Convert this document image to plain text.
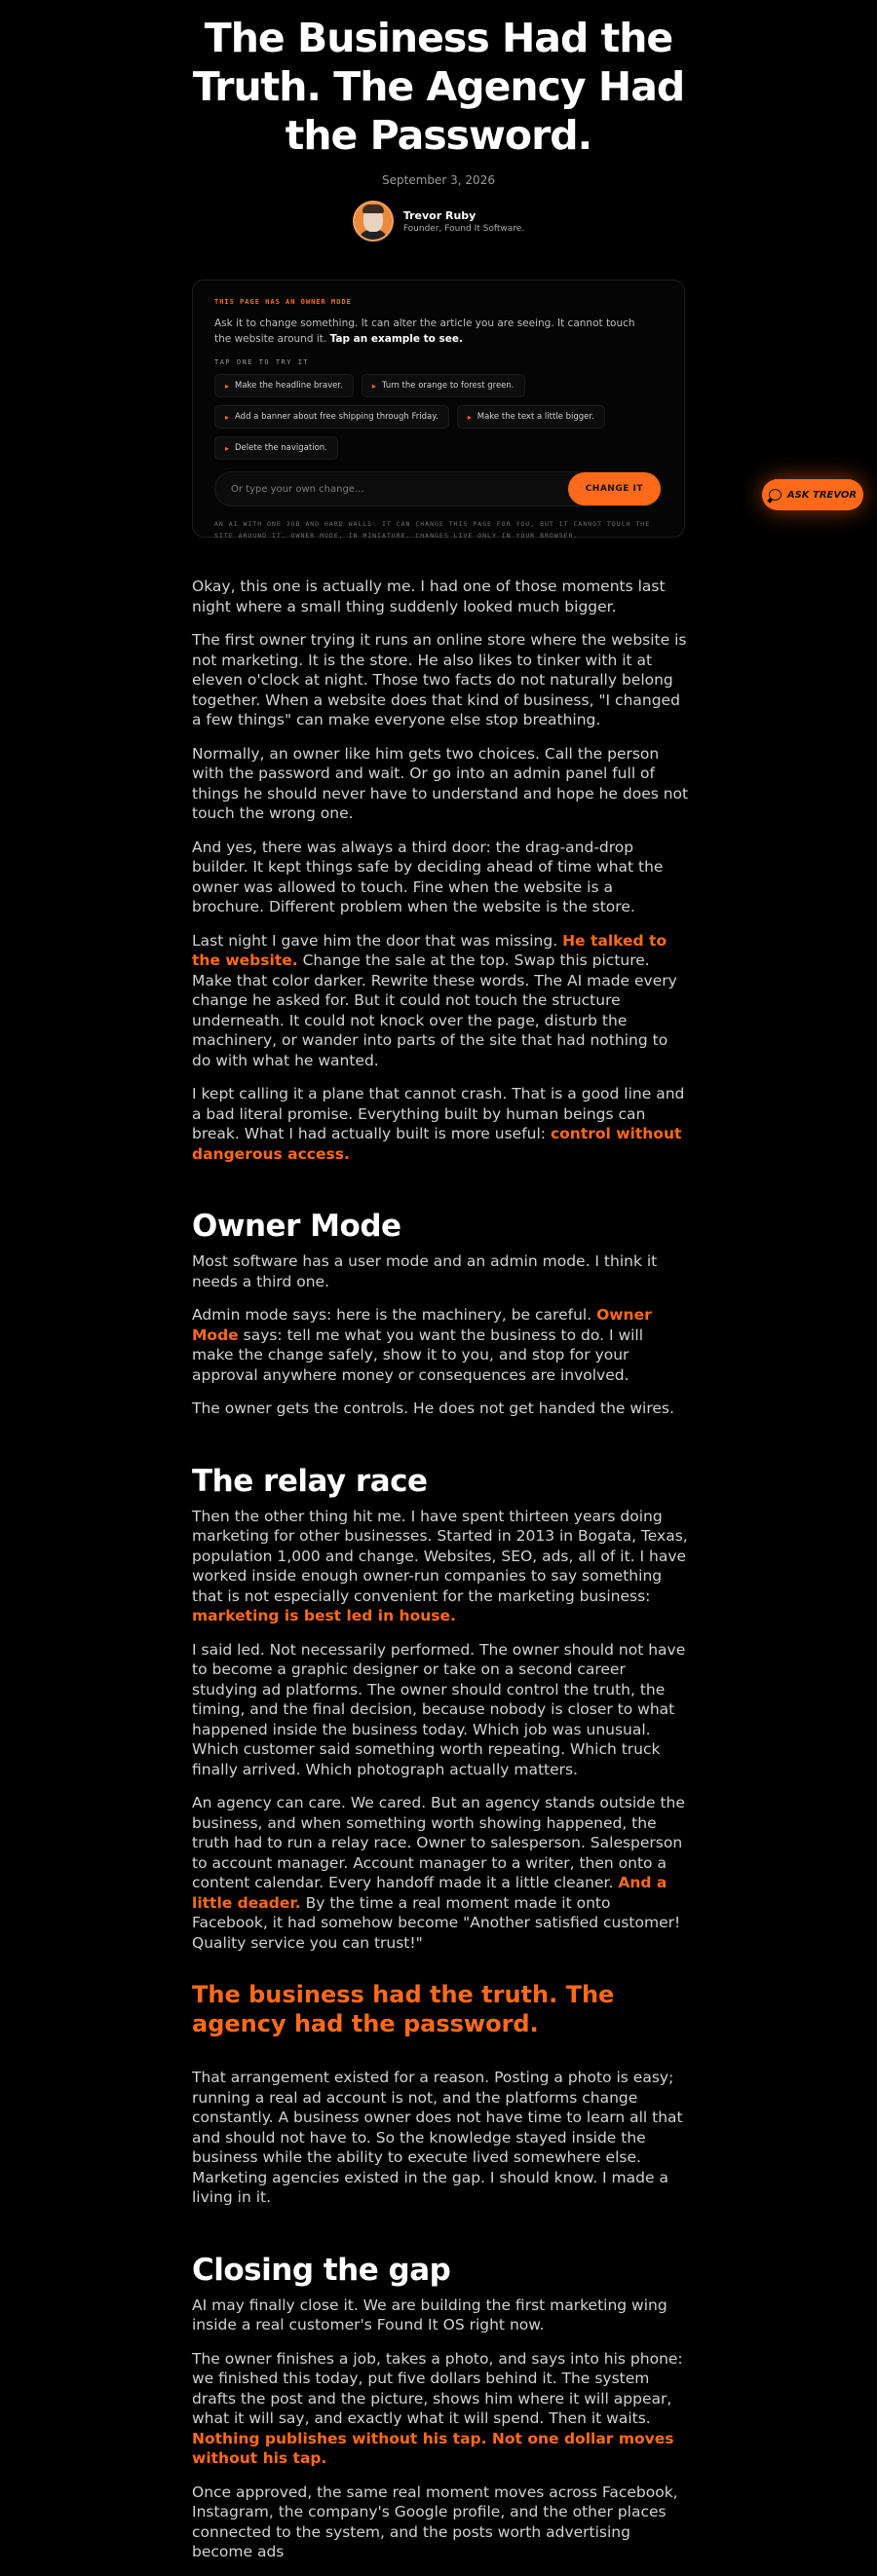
The Business Had the Truth. The Agency Had the Password.
September 3, 2026
Trevor Ruby
Founder, Found It Software.
THIS PAGE HAS AN OWNER MODE
Ask it to change something. It can alter the article you are seeing. It cannot touch the website around it. Tap an example to see.
TAP ONE TO TRY IT
▸ Make the headline braver.	▸ Turn the orange to forest green.
▸ Add a banner about free shipping through Friday.	▸ Make the text a little bigger.
▸ Delete the navigation.
Or type your own change...
CHANGE IT
AN AI WITH ONE JOB AND HARD WALLS: IT CAN CHANGE THIS PAGE FOR YOU, BUT IT CANNOT TOUCH THE SITE AROUND IT. OWNER MODE, IN MINIATURE. CHANGES LIVE ONLY IN YOUR BROWSER.
ASK TREVOR

Okay, this one is actually me. I had one of those moments last night where a small thing suddenly looked much bigger.

The first owner trying it runs an online store where the website is not marketing. It is the store. He also likes to tinker with it at eleven o'clock at night. Those two facts do not naturally belong together. When a website does that kind of business, "I changed a few things" can make everyone else stop breathing.

Normally, an owner like him gets two choices. Call the person with the password and wait. Or go into an admin panel full of things he should never have to understand and hope he does not touch the wrong one.

And yes, there was always a third door: the drag-and-drop builder. It kept things safe by deciding ahead of time what the owner was allowed to touch. Fine when the website is a brochure. Different problem when the website is the store.

Last night I gave him the door that was missing. He talked to the website. Change the sale at the top. Swap this picture. Make that color darker. Rewrite these words. The AI made every change he asked for. But it could not touch the structure underneath. It could not knock over the page, disturb the machinery, or wander into parts of the site that had nothing to do with what he wanted.

I kept calling it a plane that cannot crash. That is a good line and a bad literal promise. Everything built by human beings can break. What I had actually built is more useful: control without dangerous access.

Owner Mode

Most software has a user mode and an admin mode. I think it needs a third one.

Admin mode says: here is the machinery, be careful. Owner Mode says: tell me what you want the business to do. I will make the change safely, show it to you, and stop for your approval anywhere money or consequences are involved.

The owner gets the controls. He does not get handed the wires.

The relay race

Then the other thing hit me. I have spent thirteen years doing marketing for other businesses. Started in 2013 in Bogata, Texas, population 1,000 and change. Websites, SEO, ads, all of it. I have worked inside enough owner-run companies to say something that is not especially convenient for the marketing business: marketing is best led in house.

I said led. Not necessarily performed. The owner should not have to become a graphic designer or take on a second career studying ad platforms. The owner should control the truth, the timing, and the final decision, because nobody is closer to what happened inside the business today. Which job was unusual. Which customer said something worth repeating. Which truck finally arrived. Which photograph actually matters.

An agency can care. We cared. But an agency stands outside the business, and when something worth showing happened, the truth had to run a relay race. Owner to salesperson. Salesperson to account manager. Account manager to a writer, then onto a content calendar. Every handoff made it a little cleaner. And a little deader. By the time a real moment made it onto Facebook, it had somehow become "Another satisfied customer! Quality service you can trust!"

The business had the truth. The agency had the password.

That arrangement existed for a reason. Posting a photo is easy; running a real ad account is not, and the platforms change constantly. A business owner does not have time to learn all that and should not have to. So the knowledge stayed inside the business while the ability to execute lived somewhere else. Marketing agencies existed in the gap. I should know. I made a living in it.

Closing the gap

AI may finally close it. We are building the first marketing wing inside a real customer's Found It OS right now.

The owner finishes a job, takes a photo, and says into his phone: we finished this today, put five dollars behind it. The system drafts the post and the picture, shows him where it will appear, what it will say, and exactly what it will spend. Then it waits. Nothing publishes without his tap. Not one dollar moves without his tap.

Once approved, the same real moment moves across Facebook, Instagram, the company's Google profile, and the other places connected to the system, and the posts worth advertising become ads
